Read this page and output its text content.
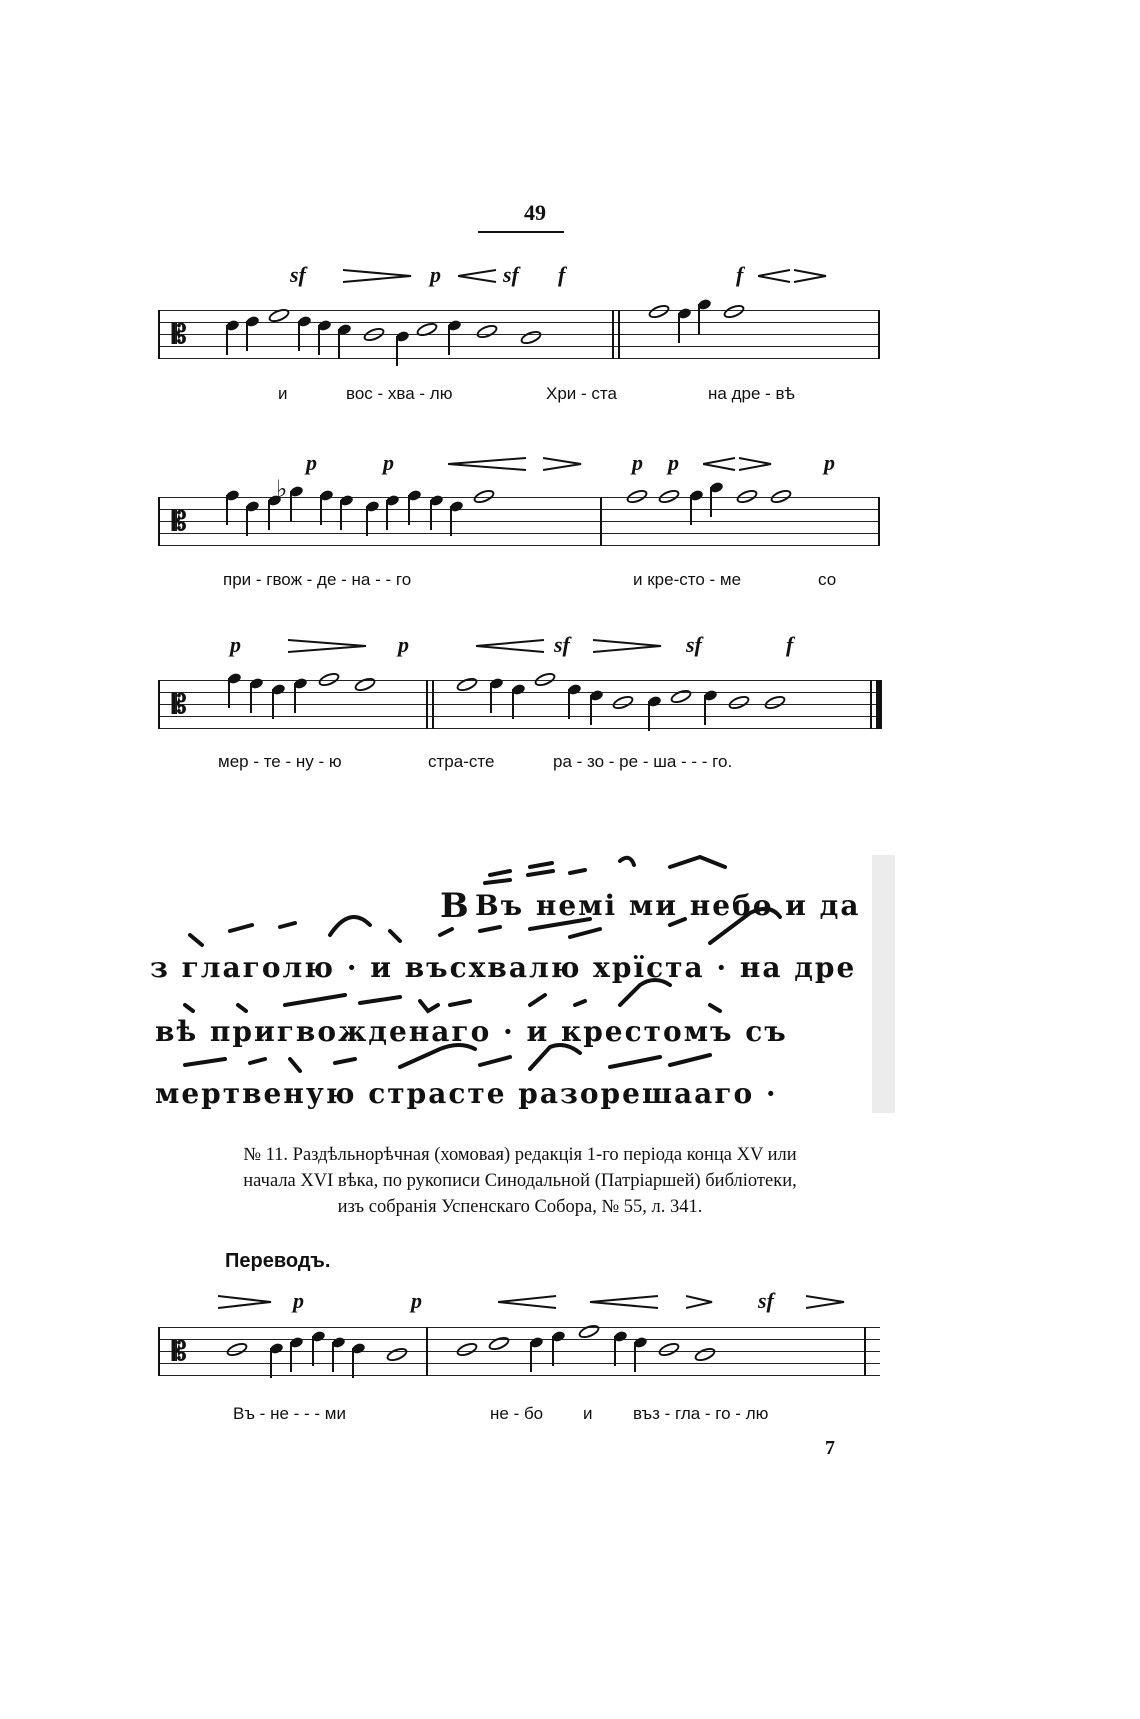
49
sf	p	sf f	f
𝄡
и	вос - хва - лю	Хри - ста	на дре - вѣ
p	p	p p	p
𝄡
♭
при - гвож - де - на - - го	и кре-сто - ме	со
p	p	sf	sf	f
𝄡
мер - те - ну - ю	стра-сте	ра - зо - ре - ша - - - го.
В Въ немі ми небо и да
з глаголю · и въсхвалю хрїста · на дре
вѣ пригвожденаго · и крестомъ съ
мертвеную страсте разорешааго ·
№ 11. Раздѣльнорѣчная (хомовая) редакція 1-го періода конца XV или
начала XVI вѣка, по рукописи Синодальной (Патріаршей) библіотеки,
изъ собранія Успенскаго Собора, № 55, л. 341.
Переводъ.
p	p	sf
𝄡
Въ - не - - - ми	не - бо и въз - гла - го - лю
7
